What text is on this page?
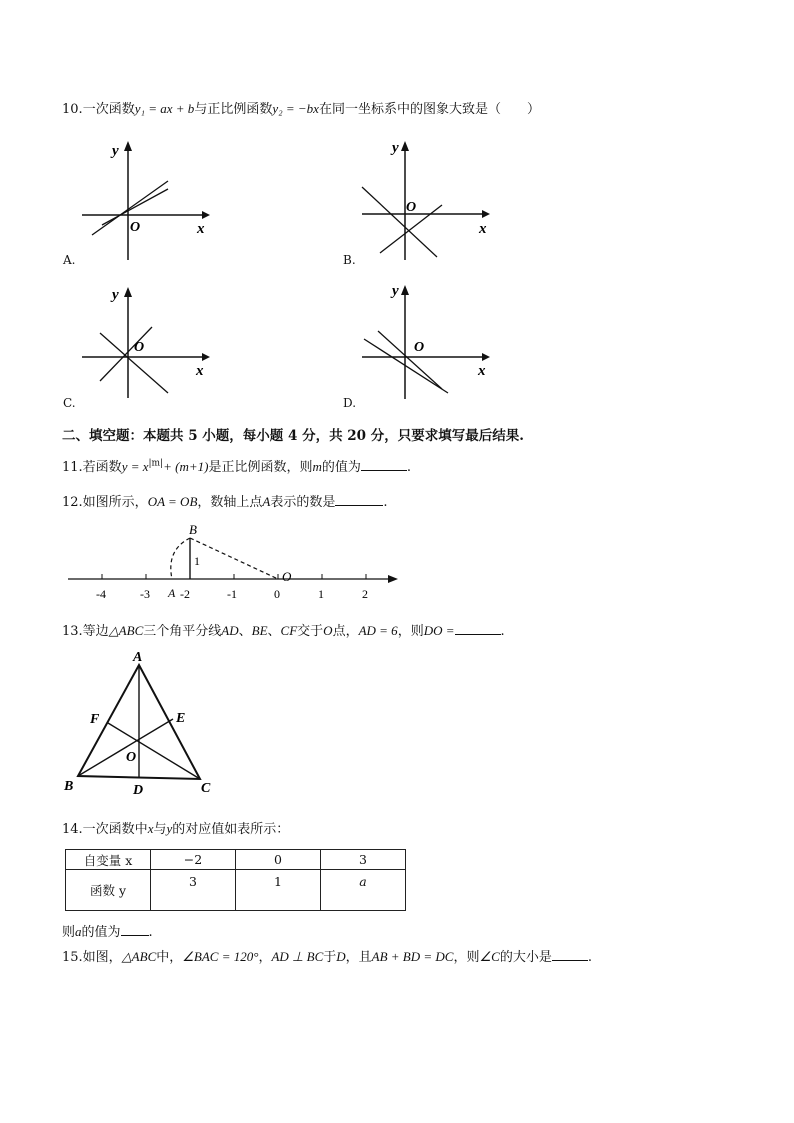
10.一次函数y₁ = ax + b与正比例函数y₂ = −bx在同一坐标系中的图象大致是（　　）
y
x
O
A.
y
x
O
B.
y
x
O
C.
y
x
O
D.
二、填空题：本题共 5 小题，每小题 4 分，共 20 分，只要求填写最后结果.
11.若函数$y = x^{|m|}+ (m+1)$是正比例函数，则m的值为	.
12.如图所示，OA = OB，数轴上点A表示的数是	.
-4	-3	-2	-1	0	1	2
A
B
O
1
13.等边△ABC三个角平分线AD、BE、CF交于O点，AD = 6，则DO =	.
A
B	C
D
E
F
O
14.一次函数中x与y的对应值如表所示：
自变量 x	−2	0	3
函数 y	3	1	a
则a的值为 .
15.如图，△ABC中，∠BAC = 120°，AD ⊥ BC于D，且AB + BD = DC，则∠C的大小是	.
